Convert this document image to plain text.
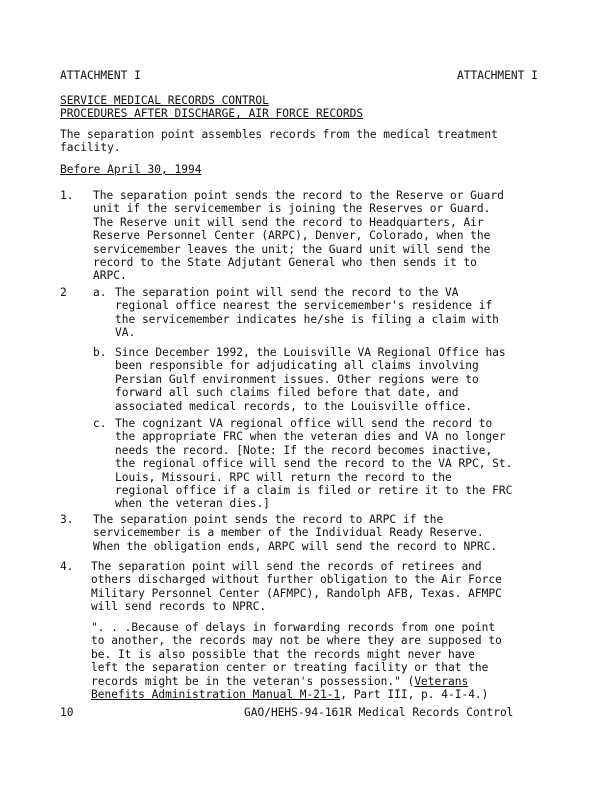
ATTACHMENT I	ATTACHMENT I
SERVICE MEDICAL RECORDS CONTROL
PROCEDURES AFTER DISCHARGE, AIR FORCE RECORDS
The separation point assembles records from the medical treatment
facility.
Before April 30, 1994
1. The separation point sends the record to the Reserve or Guard
unit if the servicemember is joining the Reserves or Guard.
The Reserve unit will send the record to Headquarters, Air
Reserve Personnel Center (ARPC), Denver, Colorado, when the
servicemember leaves the unit; the Guard unit will send the
record to the State Adjutant General who then sends it to
ARPC.
2 a. The separation point will send the record to the VA
regional office nearest the servicemember's residence if
the servicemember indicates he/she is filing a claim with
VA.
b. Since December 1992, the Louisville VA Regional Office has
been responsible for adjudicating all claims involving
Persian Gulf environment issues. Other regions were to
forward all such claims filed before that date, and
associated medical records, to the Louisville office.
c. The cognizant VA regional office will send the record to
the appropriate FRC when the veteran dies and VA no longer
needs the record. [Note: If the record becomes inactive,
the regional office will send the record to the VA RPC, St.
Louis, Missouri. RPC will return the record to the
regional office if a claim is filed or retire it to the FRC
when the veteran dies.]
3. The separation point sends the record to ARPC if the
servicemember is a member of the Individual Ready Reserve.
When the obligation ends, ARPC will send the record to NPRC.
4. The separation point will send the records of retirees and
others discharged without further obligation to the Air Force
Military Personnel Center (AFMPC), Randolph AFB, Texas. AFMPC
will send records to NPRC.
". . .Because of delays in forwarding records from one point
to another, the records may not be where they are supposed to
be. It is also possible that the records might never have
left the separation center or treating facility or that the
records might be in the veteran's possession." (Veterans
Benefits Administration Manual M-21-1, Part III, p. 4-I-4.)
10	GAO/HEHS-94-161R Medical Records Control
